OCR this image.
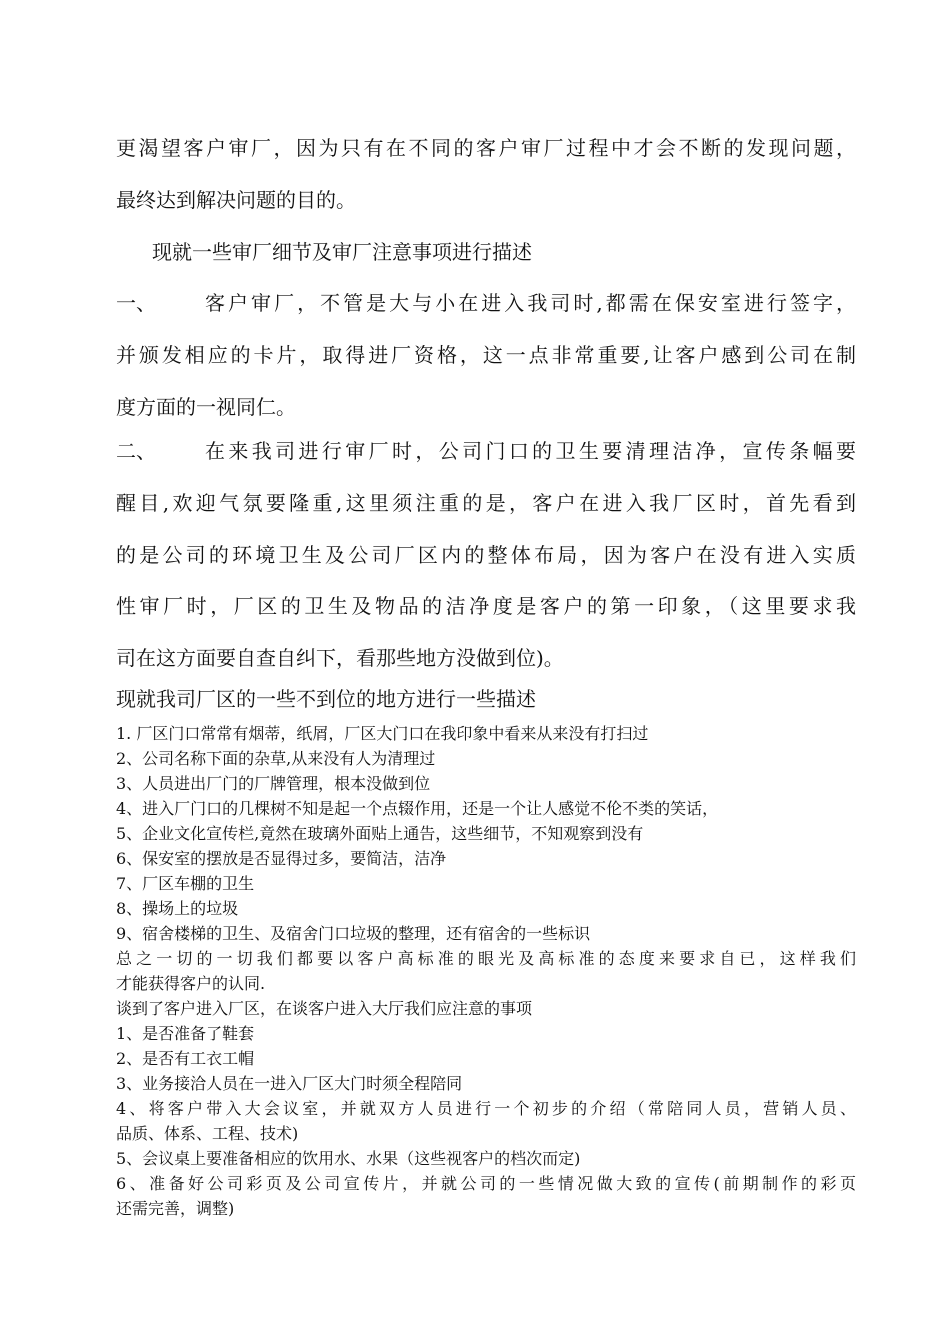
更渴望客户审厂，因为只有在不同的客户审厂过程中才会不断的发现问题，
最终达到解决问题的目的。
现就一些审厂细节及审厂注意事项进行描述
一、 客户审厂，不管是大与小在进入我司时,都需在保安室进行签字，
并颁发相应的卡片，取得进厂资格，这一点非常重要,让客户感到公司在制
度方面的一视同仁。
二、 在来我司进行审厂时，公司门口的卫生要清理洁净，宣传条幅要
醒目,欢迎气氛要隆重,这里须注重的是，客户在进入我厂区时，首先看到
的是公司的环境卫生及公司厂区内的整体布局，因为客户在没有进入实质
性审厂时，厂区的卫生及物品的洁净度是客户的第一印象，（这里要求我
司在这方面要自查自纠下，看那些地方没做到位)。
现就我司厂区的一些不到位的地方进行一些描述
1. 厂区门口常常有烟蒂，纸屑，厂区大门口在我印象中看来从来没有打扫过
2、公司名称下面的杂草,从来没有人为清理过
3、人员进出厂门的厂牌管理，根本没做到位
4、进入厂门口的几棵树不知是起一个点辍作用，还是一个让人感觉不伦不类的笑话，
5、企业文化宣传栏,竟然在玻璃外面贴上通告，这些细节，不知观察到没有
6、保安室的摆放是否显得过多，要简洁，洁净
7、厂区车棚的卫生
8、操场上的垃圾
9、宿舍楼梯的卫生、及宿舍门口垃圾的整理，还有宿舍的一些标识
总之一切的一切我们都要以客户高标准的眼光及高标准的态度来要求自已，这样我们
才能获得客户的认同.
谈到了客户进入厂区，在谈客户进入大厅我们应注意的事项
1、是否准备了鞋套
2、是否有工衣工帽
3、业务接洽人员在一进入厂区大门时须全程陪同
4、将客户带入大会议室，并就双方人员进行一个初步的介绍（常陪同人员，营销人员、
品质、体系、工程、技术)
5、会议桌上要准备相应的饮用水、水果（这些视客户的档次而定)
6、准备好公司彩页及公司宣传片，并就公司的一些情况做大致的宣传(前期制作的彩页
还需完善，调整)
